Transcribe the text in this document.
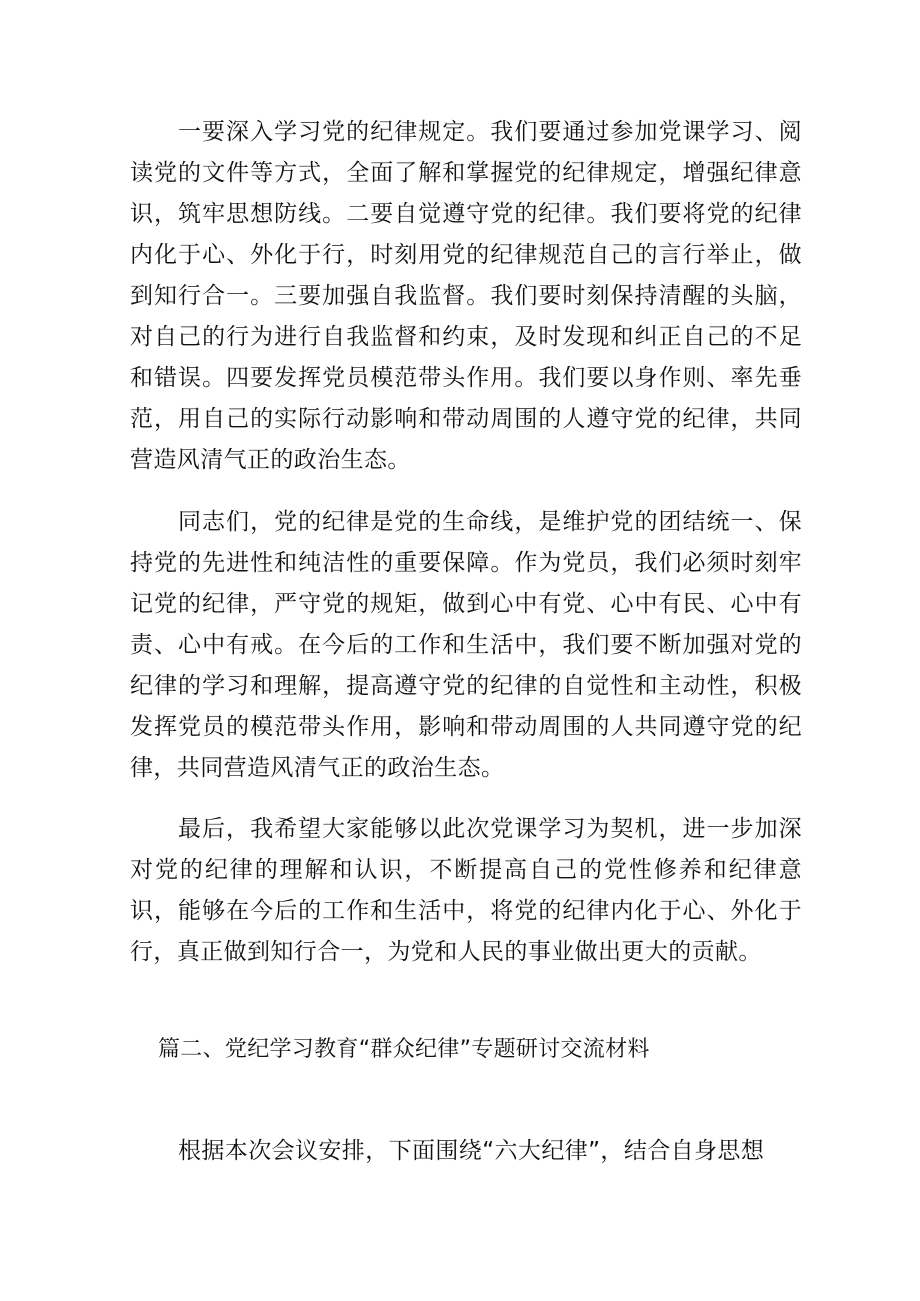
一要深入学习党的纪律规定。我们要通过参加党课学习、阅读党的文件等方式，全面了解和掌握党的纪律规定，增强纪律意识，筑牢思想防线。二要自觉遵守党的纪律。我们要将党的纪律内化于心、外化于行，时刻用党的纪律规范自己的言行举止，做到知行合一。三要加强自我监督。我们要时刻保持清醒的头脑，对自己的行为进行自我监督和约束，及时发现和纠正自己的不足和错误。四要发挥党员模范带头作用。我们要以身作则、率先垂范，用自己的实际行动影响和带动周围的人遵守党的纪律，共同营造风清气正的政治生态。

同志们，党的纪律是党的生命线，是维护党的团结统一、保持党的先进性和纯洁性的重要保障。作为党员，我们必须时刻牢记党的纪律，严守党的规矩，做到心中有党、心中有民、心中有责、心中有戒。在今后的工作和生活中，我们要不断加强对党的纪律的学习和理解，提高遵守党的纪律的自觉性和主动性，积极发挥党员的模范带头作用，影响和带动周围的人共同遵守党的纪律，共同营造风清气正的政治生态。

最后，我希望大家能够以此次党课学习为契机，进一步加深对党的纪律的理解和认识，不断提高自己的党性修养和纪律意识，能够在今后的工作和生活中，将党的纪律内化于心、外化于行，真正做到知行合一，为党和人民的事业做出更大的贡献。

篇二、党纪学习教育“群众纪律”专题研讨交流材料

根据本次会议安排，下面围绕“六大纪律”，结合自身思想
